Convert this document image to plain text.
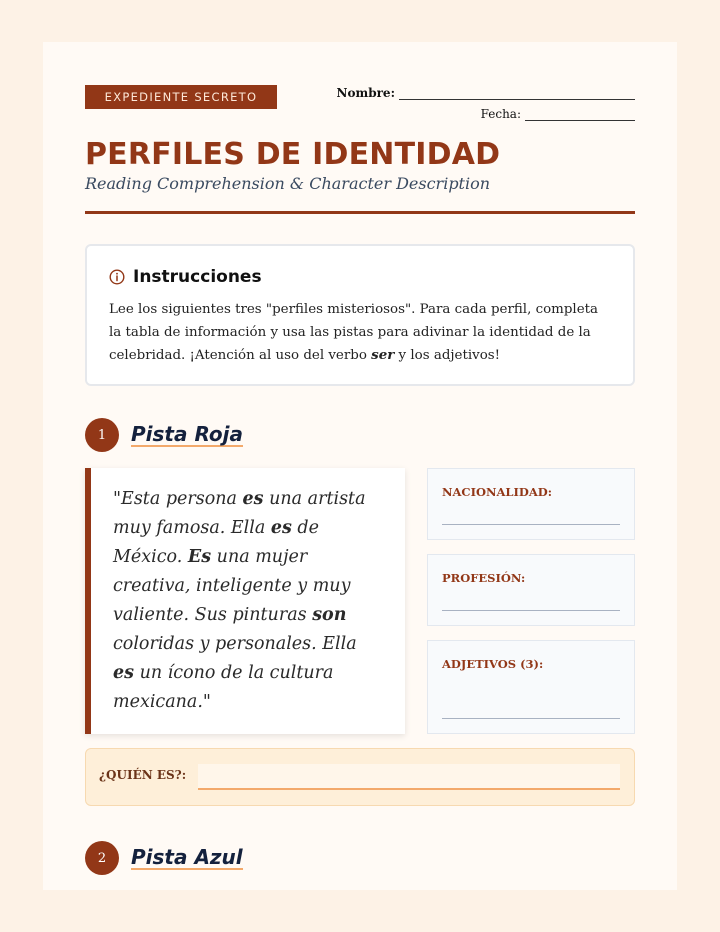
EXPEDIENTE SECRETO	Nombre:
Fecha:
PERFILES DE IDENTIDAD
Reading Comprehension & Character Description
Instrucciones
Lee los siguientes tres "perfiles misteriosos". Para cada perfil, completa la tabla de información y usa las pistas para adivinar la identidad de la celebridad. ¡Atención al uso del verbo ser y los adjetivos!
1	Pista Roja
"Esta persona es una artista muy famosa. Ella es de México. Es una mujer creativa, inteligente y muy valiente. Sus pinturas son coloridas y personales. Ella es un ícono de la cultura mexicana."
NACIONALIDAD:
PROFESIÓN:
ADJETIVOS (3):
¿QUIÉN ES?:
2	Pista Azul
